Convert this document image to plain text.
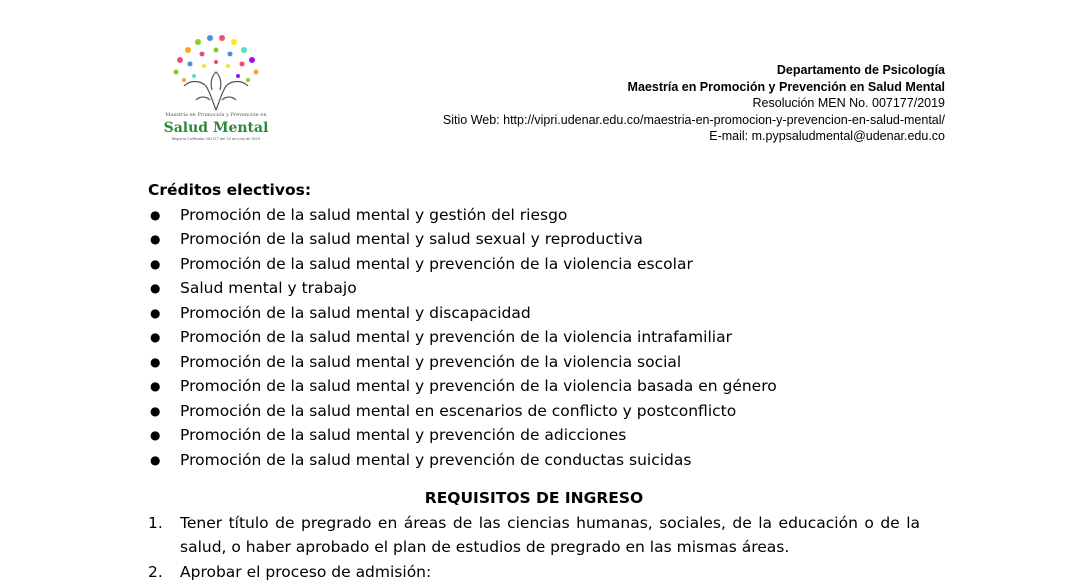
Maestría en Promoción y Prevención en
Salud Mental
Registro Calificado 007177 del 10 de julio de 2019
Departamento de Psicología
Maestría en Promoción y Prevención en Salud Mental
Resolución MEN No. 007177/2019
Sitio Web: http://vipri.udenar.edu.co/maestria-en-promocion-y-prevencion-en-salud-mental/
E-mail: m.pypsaludmental@udenar.edu.co
Créditos electivos:
● Promoción de la salud mental y gestión del riesgo
● Promoción de la salud mental y salud sexual y reproductiva
● Promoción de la salud mental y prevención de la violencia escolar
● Salud mental y trabajo
● Promoción de la salud mental y discapacidad
● Promoción de la salud mental y prevención de la violencia intrafamiliar
● Promoción de la salud mental y prevención de la violencia social
● Promoción de la salud mental y prevención de la violencia basada en género
● Promoción de la salud mental en escenarios de conflicto y postconflicto
● Promoción de la salud mental y prevención de adicciones
● Promoción de la salud mental y prevención de conductas suicidas
REQUISITOS DE INGRESO
1. Tener título de pregrado en áreas de las ciencias humanas, sociales, de la educación o de la salud, o haber aprobado el plan de estudios de pregrado en las mismas áreas.
2. Aprobar el proceso de admisión:
